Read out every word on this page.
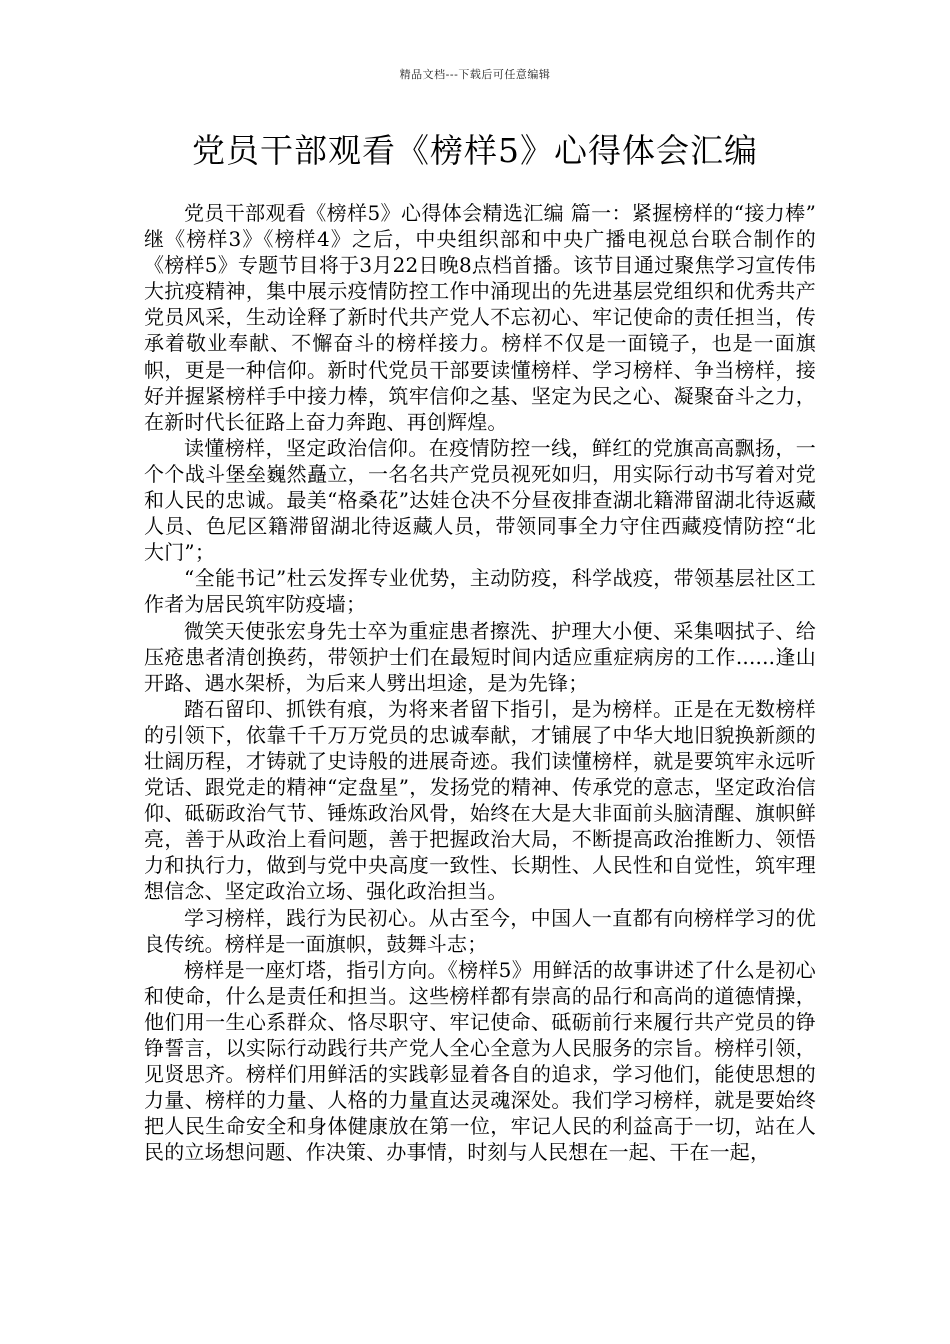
精品文档---下载后可任意编辑
党员干部观看《榜样5》心得体会汇编

党员干部观看《榜样5》心得体会精选汇编 篇一：紧握榜样的“接力棒” 继《榜样3》《榜样4》之后，中央组织部和中央广播电视总台联合制作的《榜样5》专题节目将于3月22日晚8点档首播。该节目通过聚焦学习宣传伟大抗疫精神，集中展示疫情防控工作中涌现出的先进基层党组织和优秀共产党员风采，生动诠释了新时代共产党人不忘初心、牢记使命的责任担当，传承着敬业奉献、不懈奋斗的榜样接力。榜样不仅是一面镜子，也是一面旗帜，更是一种信仰。新时代党员干部要读懂榜样、学习榜样、争当榜样，接好并握紧榜样手中接力棒，筑牢信仰之基、坚定为民之心、凝聚奋斗之力，在新时代长征路上奋力奔跑、再创辉煌。

读懂榜样，坚定政治信仰。在疫情防控一线，鲜红的党旗高高飘扬，一个个战斗堡垒巍然矗立，一名名共产党员视死如归，用实际行动书写着对党和人民的忠诚。最美“格桑花”达娃仓决不分昼夜排查湖北籍滞留湖北待返藏人员、色尼区籍滞留湖北待返藏人员，带领同事全力守住西藏疫情防控“北大门”；

“全能书记”杜云发挥专业优势，主动防疫，科学战疫，带领基层社区工作者为居民筑牢防疫墙；

微笑天使张宏身先士卒为重症患者擦洗、护理大小便、采集咽拭子、给压疮患者清创换药，带领护士们在最短时间内适应重症病房的工作......逢山开路、遇水架桥，为后来人劈出坦途，是为先锋；

踏石留印、抓铁有痕，为将来者留下指引，是为榜样。正是在无数榜样的引领下，依靠千千万万党员的忠诚奉献，才铺展了中华大地旧貌换新颜的壮阔历程，才铸就了史诗般的进展奇迹。我们读懂榜样，就是要筑牢永远听党话、跟党走的精神“定盘星”，发扬党的精神、传承党的意志，坚定政治信仰、砥砺政治气节、锤炼政治风骨，始终在大是大非面前头脑清醒、旗帜鲜亮，善于从政治上看问题，善于把握政治大局，不断提高政治推断力、领悟力和执行力，做到与党中央高度一致性、长期性、人民性和自觉性，筑牢理想信念、坚定政治立场、强化政治担当。

学习榜样，践行为民初心。从古至今，中国人一直都有向榜样学习的优良传统。榜样是一面旗帜，鼓舞斗志；

榜样是一座灯塔，指引方向。《榜样5》用鲜活的故事讲述了什么是初心和使命，什么是责任和担当。这些榜样都有崇高的品行和高尚的道德情操，他们用一生心系群众、恪尽职守、牢记使命、砥砺前行来履行共产党员的铮铮誓言，以实际行动践行共产党人全心全意为人民服务的宗旨。榜样引领，见贤思齐。榜样们用鲜活的实践彰显着各自的追求，学习他们，能使思想的力量、榜样的力量、人格的力量直达灵魂深处。我们学习榜样，就是要始终把人民生命安全和身体健康放在第一位，牢记人民的利益高于一切，站在人民的立场想问题、作决策、办事情，时刻与人民想在一起、干在一起，
